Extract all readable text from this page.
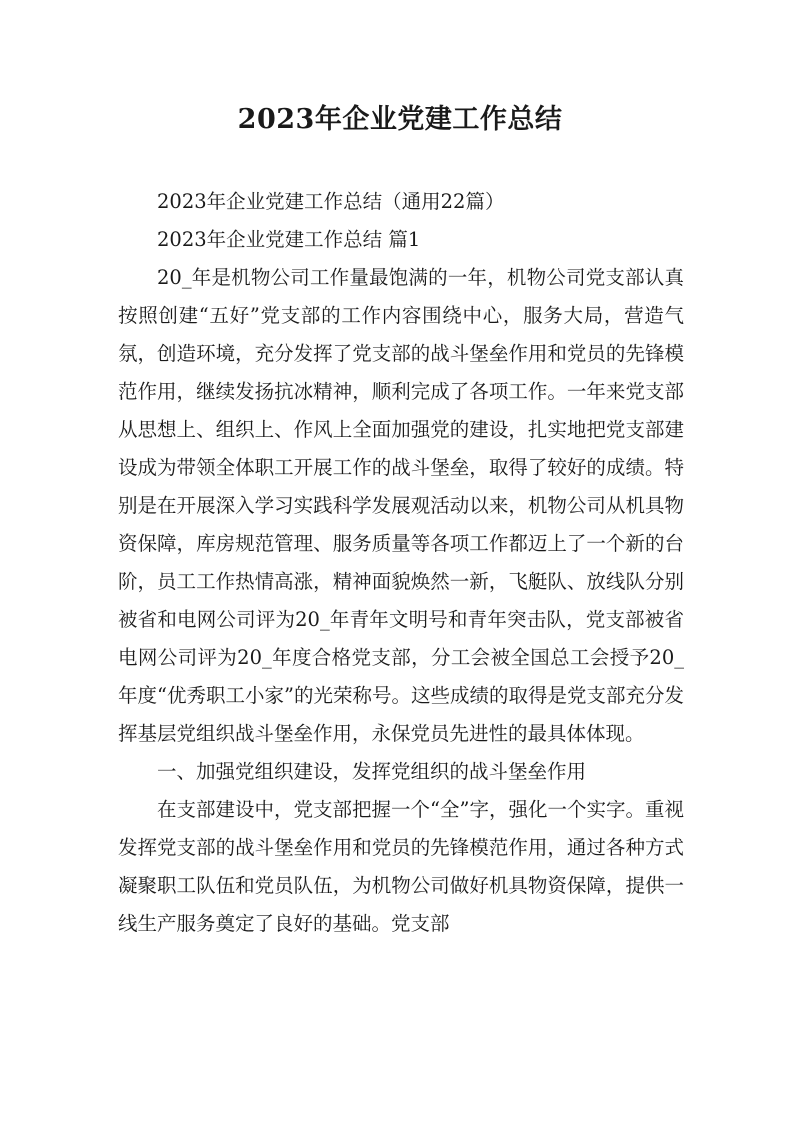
2023年企业党建工作总结

2023年企业党建工作总结（通用22篇）

2023年企业党建工作总结 篇1

20_年是机物公司工作量最饱满的一年，机物公司党支部认真按照创建“五好”党支部的工作内容围绕中心，服务大局，营造气氛，创造环境，充分发挥了党支部的战斗堡垒作用和党员的先锋模范作用，继续发扬抗冰精神，顺利完成了各项工作。一年来党支部从思想上、组织上、作风上全面加强党的建设，扎实地把党支部建设成为带领全体职工开展工作的战斗堡垒，取得了较好的成绩。特别是在开展深入学习实践科学发展观活动以来，机物公司从机具物资保障，库房规范管理、服务质量等各项工作都迈上了一个新的台阶，员工工作热情高涨，精神面貌焕然一新，飞艇队、放线队分别被省和电网公司评为20_年青年文明号和青年突击队，党支部被省电网公司评为20_年度合格党支部，分工会被全国总工会授予20_年度“优秀职工小家”的光荣称号。这些成绩的取得是党支部充分发挥基层党组织战斗堡垒作用，永保党员先进性的最具体体现。

一、加强党组织建设，发挥党组织的战斗堡垒作用

在支部建设中，党支部把握一个“全”字，强化一个实字。重视发挥党支部的战斗堡垒作用和党员的先锋模范作用，通过各种方式凝聚职工队伍和党员队伍，为机物公司做好机具物资保障，提供一线生产服务奠定了良好的基础。党支部
